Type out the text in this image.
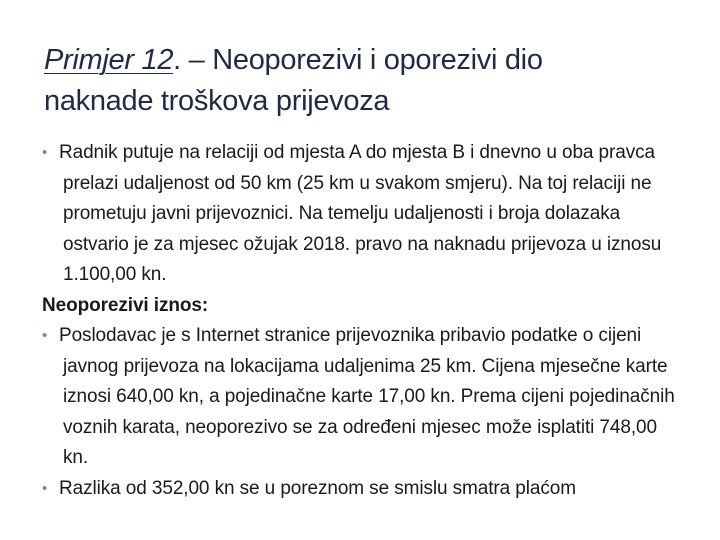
Primjer 12. – Neoporezivi i oporezivi dio
naknade troškova prijevoza

• Radnik putuje na relaciji od mjesta A do mjesta B i dnevno u oba pravca prelazi udaljenost od 50 km (25 km u svakom smjeru). Na toj relaciji ne prometuju javni prijevoznici. Na temelju udaljenosti i broja dolazaka ostvario je za mjesec ožujak 2018. pravo na naknadu prijevoza u iznosu 1.100,00 kn.

Neoporezivi iznos:

• Poslodavac je s Internet stranice prijevoznika pribavio podatke o cijeni javnog prijevoza na lokacijama udaljenima 25 km. Cijena mjesečne karte iznosi 640,00 kn, a pojedinačne karte 17,00 kn. Prema cijeni pojedinačnih voznih karata, neoporezivo se za određeni mjesec može isplatiti 748,00 kn.

• Razlika od 352,00 kn se u poreznom se smislu smatra plaćom
